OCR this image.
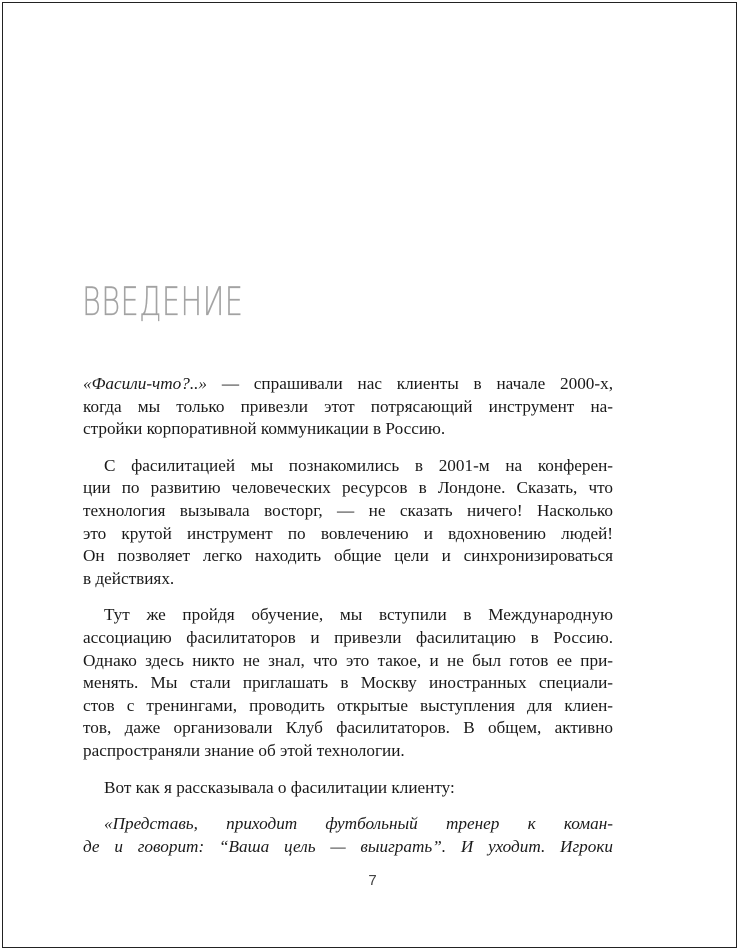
ВВЕДЕНИЕ
«Фасили-что?..» — спрашивали нас клиенты в начале 2000-х,
когда мы только привезли этот потрясающий инструмент на-
стройки корпоративной коммуникации в Россию.
С фасилитацией мы познакомились в 2001-м на конферен-
ции по развитию человеческих ресурсов в Лондоне. Сказать, что
технология вызывала восторг, — не сказать ничего! Насколько
это крутой инструмент по вовлечению и вдохновению людей!
Он позволяет легко находить общие цели и синхронизироваться
в действиях.
Тут же пройдя обучение, мы вступили в Международную
ассоциацию фасилитаторов и привезли фасилитацию в Россию.
Однако здесь никто не знал, что это такое, и не был готов ее при-
менять. Мы стали приглашать в Москву иностранных специали-
стов с тренингами, проводить открытые выступления для клиен-
тов, даже организовали Клуб фасилитаторов. В общем, активно
распространяли знание об этой технологии.
Вот как я рассказывала о фасилитации клиенту:
«Представь, приходит футбольный тренер к коман-
де и говорит: “Ваша цель — выиграть”. И уходит. Игроки
7
